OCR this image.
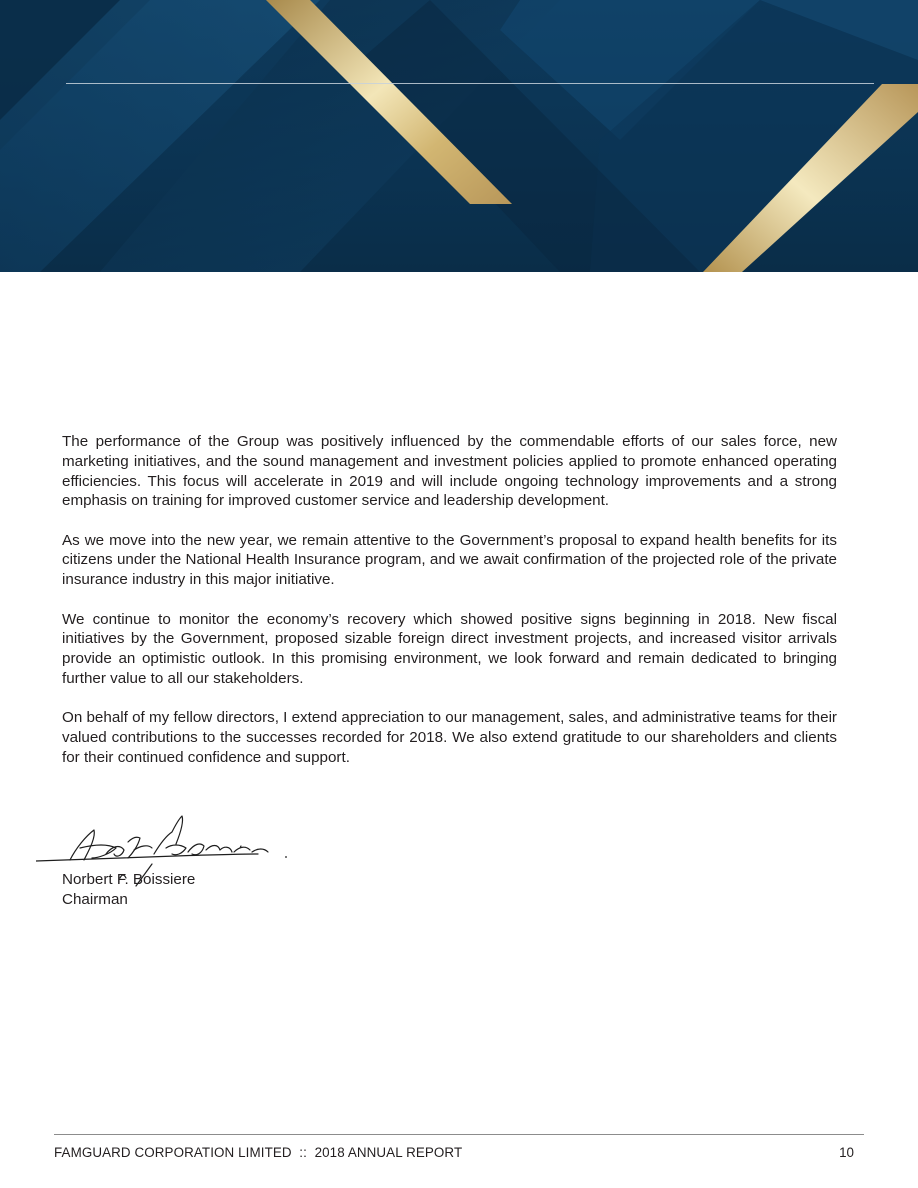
The performance of the Group was positively influenced by the commendable efforts of our sales force, new marketing initiatives, and the sound management and investment policies applied to promote enhanced operating efficiencies. This focus will accelerate in 2019 and will include ongoing technology improvements and a strong emphasis on training for improved customer service and leadership development.

As we move into the new year, we remain attentive to the Government’s proposal to expand health benefits for its citizens under the National Health Insurance program, and we await confirmation of the projected role of the private insurance industry in this major initiative.

We continue to monitor the economy’s recovery which showed positive signs beginning in 2018. New fiscal initiatives by the Government, proposed sizable foreign direct investment projects, and increased visitor arrivals provide an optimistic outlook. In this promising environment, we look forward and remain dedicated to bringing further value to all our stakeholders.

On behalf of my fellow directors, I extend appreciation to our management, sales, and administrative teams for their valued contributions to the successes recorded for 2018. We also extend gratitude to our shareholders and clients for their continued confidence and support.

Norbert F. Boissiere
Chairman
FAMGUARD CORPORATION LIMITED  ::  2018 ANNUAL REPORT	10
